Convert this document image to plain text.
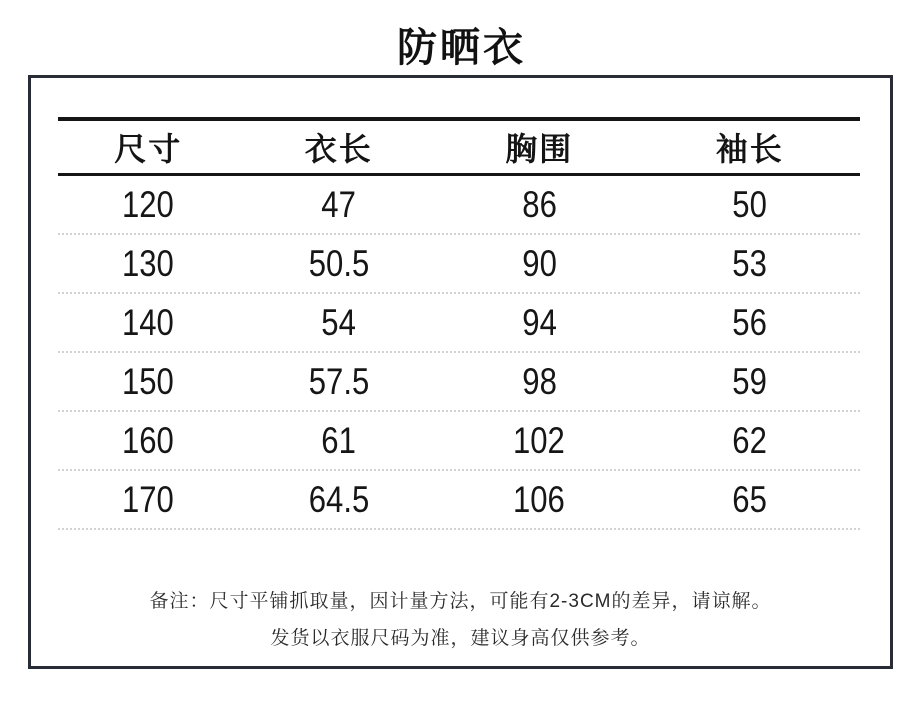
防晒衣
尺寸	衣长	胸围	袖长
120	47	86	50
130	50.5	90	53
140	54	94	56
150	57.5	98	59
160	61	102	62
170	64.5	106	65

备注：尺寸平铺抓取量，因计量方法，可能有2-3CM的差异，请谅解。

发货以衣服尺码为准，建议身高仅供参考。
